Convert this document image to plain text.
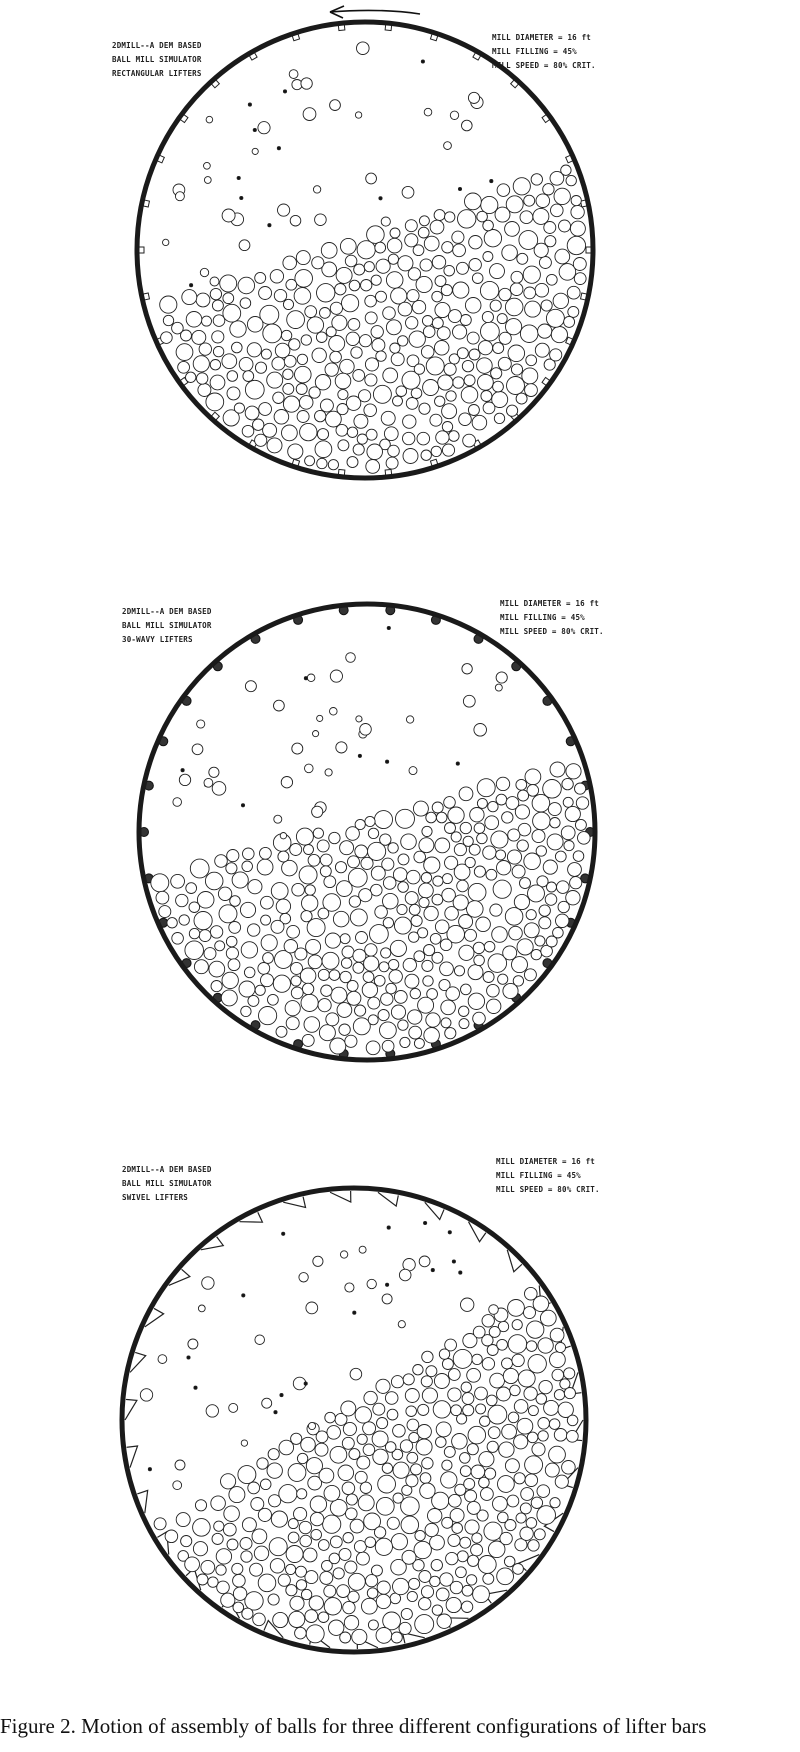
2DMILL--A DEM BASED
BALL MILL SIMULATOR
RECTANGULAR LIFTERS
MILL DIAMETER = 16 ft
MILL FILLING = 45%
MILL SPEED = 80% CRIT.
2DMILL--A DEM BASED
BALL MILL SIMULATOR
30-WAVY LIFTERS
MILL DIAMETER = 16 ft
MILL FILLING = 45%
MILL SPEED = 80% CRIT.
2DMILL--A DEM BASED
BALL MILL SIMULATOR
SWIVEL LIFTERS
MILL DIAMETER = 16 ft
MILL FILLING = 45%
MILL SPEED = 80% CRIT.
Figure 2. Motion of assembly of balls for three different configurations of lifter bars
